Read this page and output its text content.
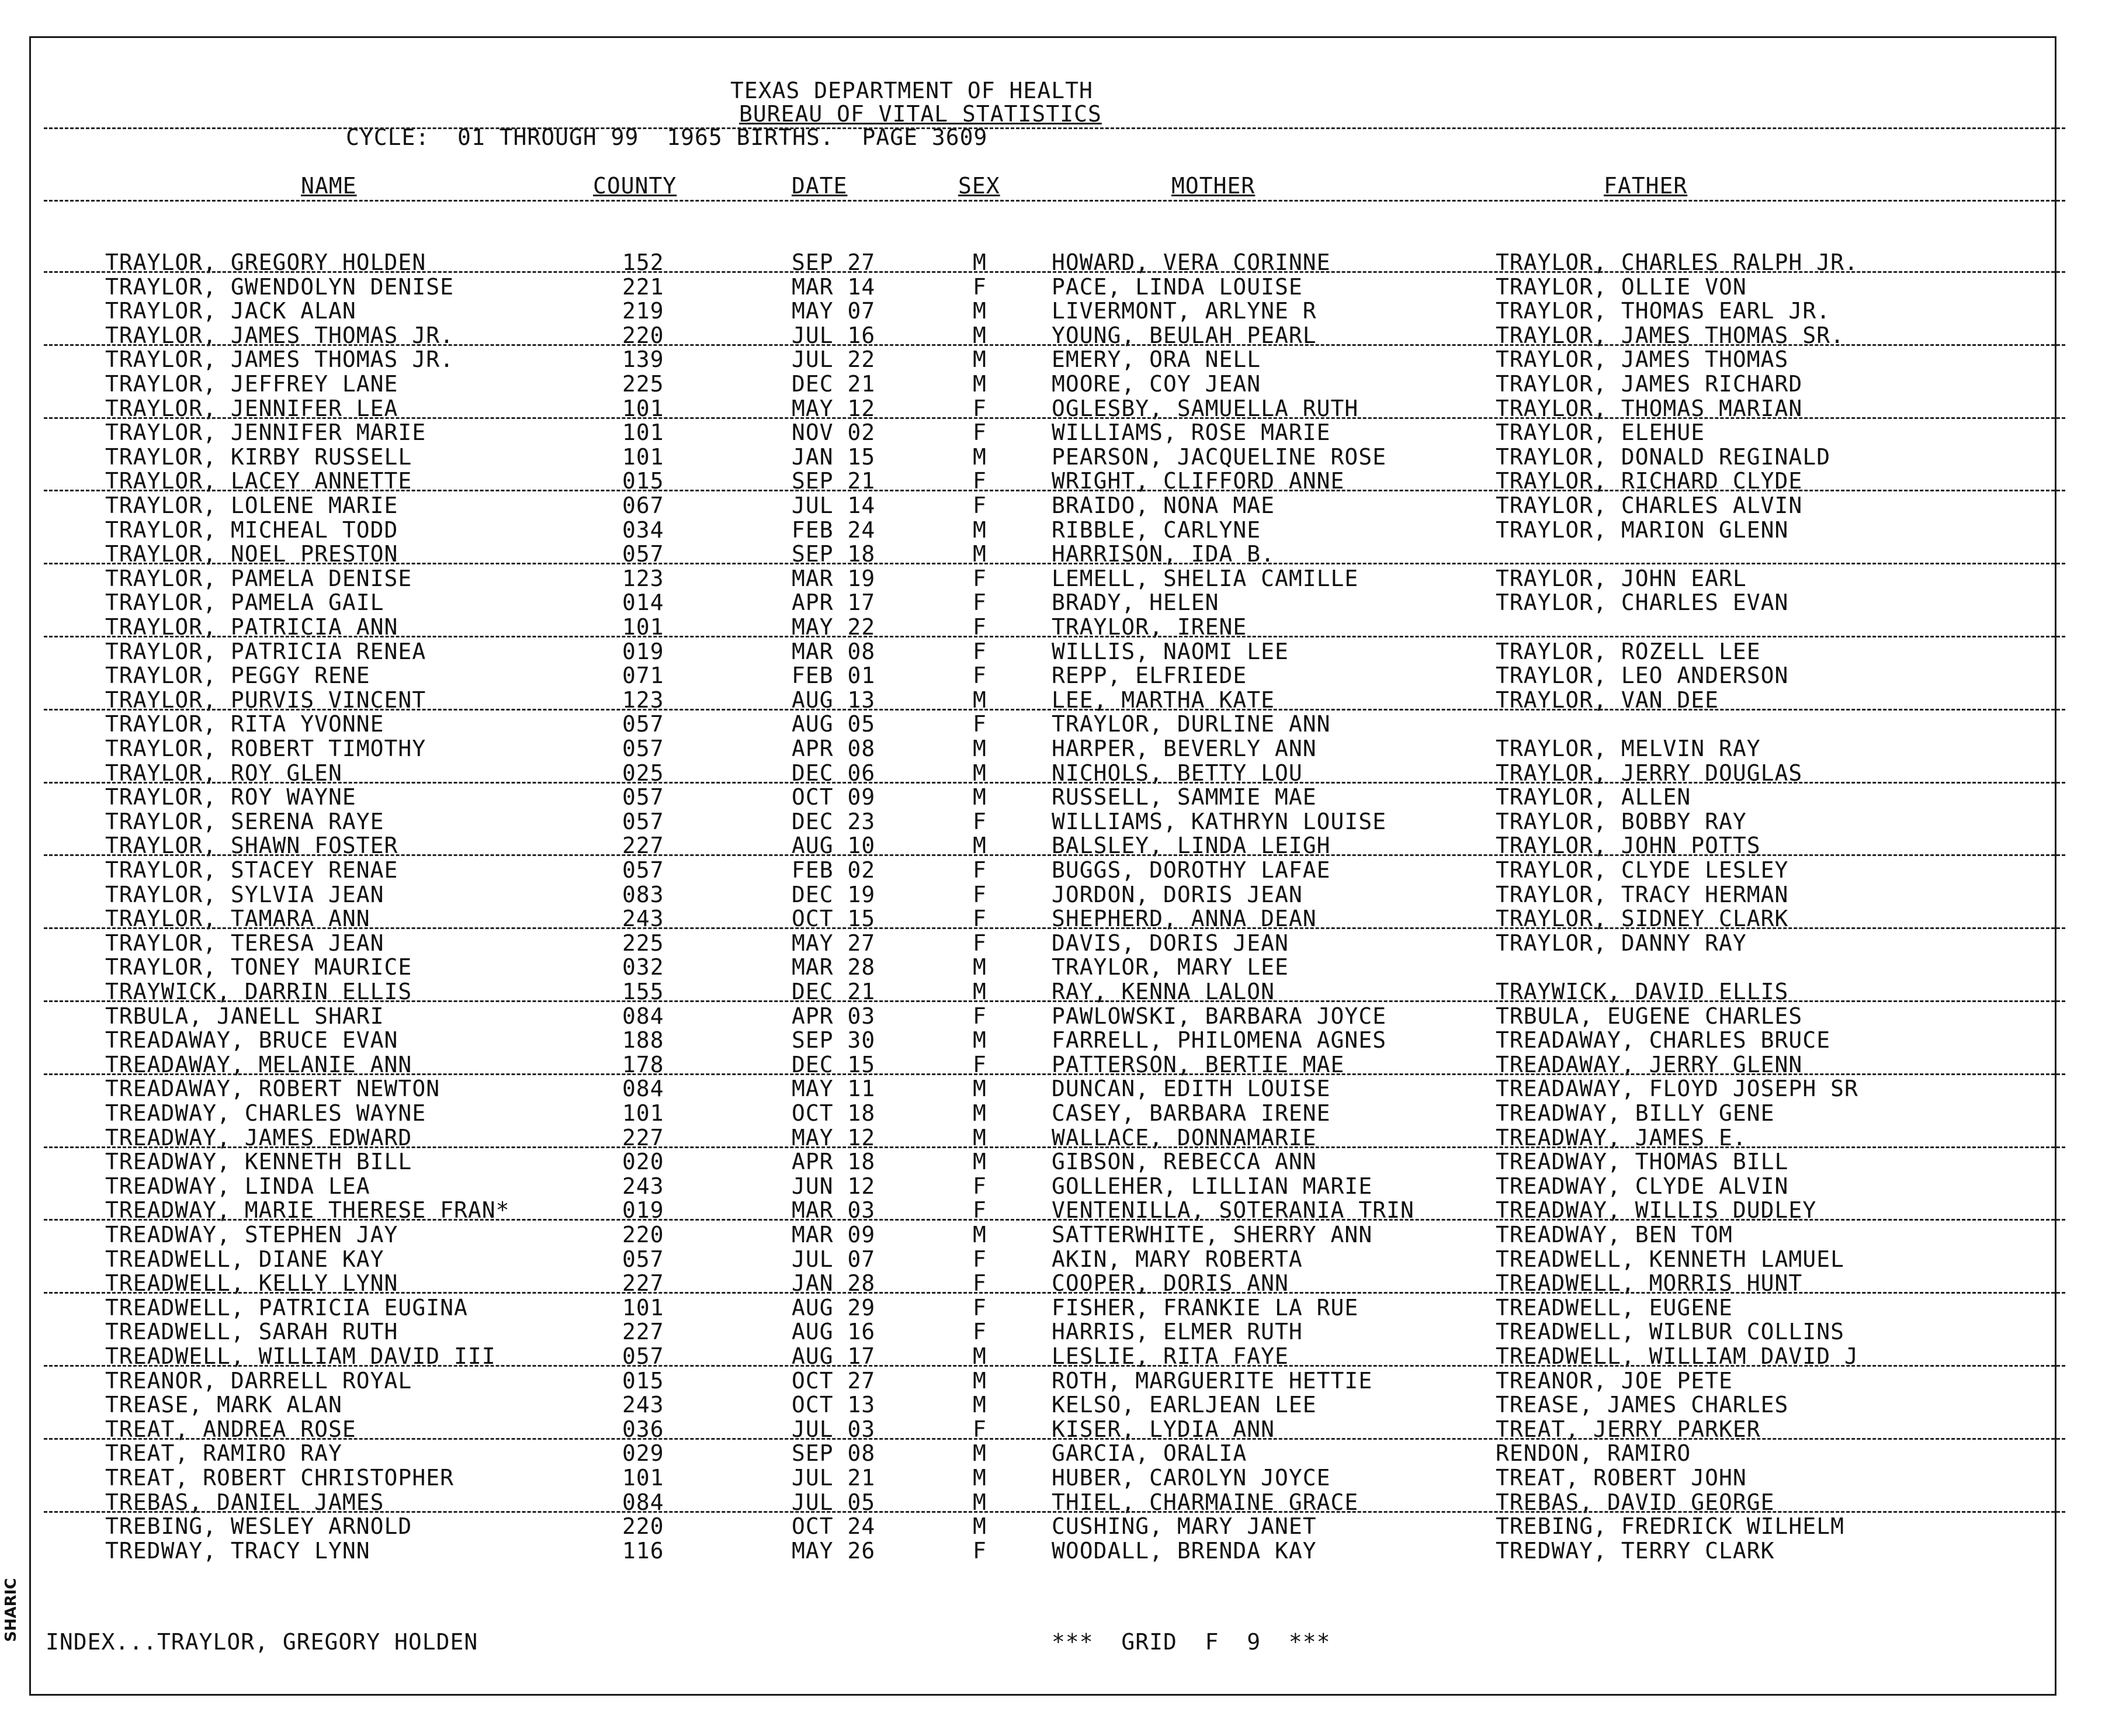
SHARIC
TEXAS DEPARTMENT OF HEALTH
BUREAU OF VITAL STATISTICS
CYCLE:  01 THROUGH 99  1965 BIRTHS.  PAGE 3609
NAME	COUNTY	DATE	SEX	MOTHER	FATHER
TRAYLOR, GREGORY HOLDEN	152	SEP 27	M	HOWARD, VERA CORINNE	TRAYLOR, CHARLES RALPH JR.
TRAYLOR, GWENDOLYN DENISE	221	MAR 14	F	PACE, LINDA LOUISE	TRAYLOR, OLLIE VON
TRAYLOR, JACK ALAN	219	MAY 07	M	LIVERMONT, ARLYNE R	TRAYLOR, THOMAS EARL JR.
TRAYLOR, JAMES THOMAS JR.	220	JUL 16	M	YOUNG, BEULAH PEARL	TRAYLOR, JAMES THOMAS SR.
TRAYLOR, JAMES THOMAS JR.	139	JUL 22	M	EMERY, ORA NELL	TRAYLOR, JAMES THOMAS
TRAYLOR, JEFFREY LANE	225	DEC 21	M	MOORE, COY JEAN	TRAYLOR, JAMES RICHARD
TRAYLOR, JENNIFER LEA	101	MAY 12	F	OGLESBY, SAMUELLA RUTH	TRAYLOR, THOMAS MARIAN
TRAYLOR, JENNIFER MARIE	101	NOV 02	F	WILLIAMS, ROSE MARIE	TRAYLOR, ELEHUE
TRAYLOR, KIRBY RUSSELL	101	JAN 15	M	PEARSON, JACQUELINE ROSE	TRAYLOR, DONALD REGINALD
TRAYLOR, LACEY ANNETTE	015	SEP 21	F	WRIGHT, CLIFFORD ANNE	TRAYLOR, RICHARD CLYDE
TRAYLOR, LOLENE MARIE	067	JUL 14	F	BRAIDO, NONA MAE	TRAYLOR, CHARLES ALVIN
TRAYLOR, MICHEAL TODD	034	FEB 24	M	RIBBLE, CARLYNE	TRAYLOR, MARION GLENN
TRAYLOR, NOEL PRESTON	057	SEP 18	M	HARRISON, IDA B.
TRAYLOR, PAMELA DENISE	123	MAR 19	F	LEMELL, SHELIA CAMILLE	TRAYLOR, JOHN EARL
TRAYLOR, PAMELA GAIL	014	APR 17	F	BRADY, HELEN	TRAYLOR, CHARLES EVAN
TRAYLOR, PATRICIA ANN	101	MAY 22	F	TRAYLOR, IRENE
TRAYLOR, PATRICIA RENEA	019	MAR 08	F	WILLIS, NAOMI LEE	TRAYLOR, ROZELL LEE
TRAYLOR, PEGGY RENE	071	FEB 01	F	REPP, ELFRIEDE	TRAYLOR, LEO ANDERSON
TRAYLOR, PURVIS VINCENT	123	AUG 13	M	LEE, MARTHA KATE	TRAYLOR, VAN DEE
TRAYLOR, RITA YVONNE	057	AUG 05	F	TRAYLOR, DURLINE ANN
TRAYLOR, ROBERT TIMOTHY	057	APR 08	M	HARPER, BEVERLY ANN	TRAYLOR, MELVIN RAY
TRAYLOR, ROY GLEN	025	DEC 06	M	NICHOLS, BETTY LOU	TRAYLOR, JERRY DOUGLAS
TRAYLOR, ROY WAYNE	057	OCT 09	M	RUSSELL, SAMMIE MAE	TRAYLOR, ALLEN
TRAYLOR, SERENA RAYE	057	DEC 23	F	WILLIAMS, KATHRYN LOUISE	TRAYLOR, BOBBY RAY
TRAYLOR, SHAWN FOSTER	227	AUG 10	M	BALSLEY, LINDA LEIGH	TRAYLOR, JOHN POTTS
TRAYLOR, STACEY RENAE	057	FEB 02	F	BUGGS, DOROTHY LAFAE	TRAYLOR, CLYDE LESLEY
TRAYLOR, SYLVIA JEAN	083	DEC 19	F	JORDON, DORIS JEAN	TRAYLOR, TRACY HERMAN
TRAYLOR, TAMARA ANN	243	OCT 15	F	SHEPHERD, ANNA DEAN	TRAYLOR, SIDNEY CLARK
TRAYLOR, TERESA JEAN	225	MAY 27	F	DAVIS, DORIS JEAN	TRAYLOR, DANNY RAY
TRAYLOR, TONEY MAURICE	032	MAR 28	M	TRAYLOR, MARY LEE
TRAYWICK, DARRIN ELLIS	155	DEC 21	M	RAY, KENNA LALON	TRAYWICK, DAVID ELLIS
TRBULA, JANELL SHARI	084	APR 03	F	PAWLOWSKI, BARBARA JOYCE	TRBULA, EUGENE CHARLES
TREADAWAY, BRUCE EVAN	188	SEP 30	M	FARRELL, PHILOMENA AGNES	TREADAWAY, CHARLES BRUCE
TREADAWAY, MELANIE ANN	178	DEC 15	F	PATTERSON, BERTIE MAE	TREADAWAY, JERRY GLENN
TREADAWAY, ROBERT NEWTON	084	MAY 11	M	DUNCAN, EDITH LOUISE	TREADAWAY, FLOYD JOSEPH SR
TREADWAY, CHARLES WAYNE	101	OCT 18	M	CASEY, BARBARA IRENE	TREADWAY, BILLY GENE
TREADWAY, JAMES EDWARD	227	MAY 12	M	WALLACE, DONNAMARIE	TREADWAY, JAMES E.
TREADWAY, KENNETH BILL	020	APR 18	M	GIBSON, REBECCA ANN	TREADWAY, THOMAS BILL
TREADWAY, LINDA LEA	243	JUN 12	F	GOLLEHER, LILLIAN MARIE	TREADWAY, CLYDE ALVIN
TREADWAY, MARIE THERESE FRAN*	019	MAR 03	F	VENTENILLA, SOTERANIA TRIN	TREADWAY, WILLIS DUDLEY
TREADWAY, STEPHEN JAY	220	MAR 09	M	SATTERWHITE, SHERRY ANN	TREADWAY, BEN TOM
TREADWELL, DIANE KAY	057	JUL 07	F	AKIN, MARY ROBERTA	TREADWELL, KENNETH LAMUEL
TREADWELL, KELLY LYNN	227	JAN 28	F	COOPER, DORIS ANN	TREADWELL, MORRIS HUNT
TREADWELL, PATRICIA EUGINA	101	AUG 29	F	FISHER, FRANKIE LA RUE	TREADWELL, EUGENE
TREADWELL, SARAH RUTH	227	AUG 16	F	HARRIS, ELMER RUTH	TREADWELL, WILBUR COLLINS
TREADWELL, WILLIAM DAVID III	057	AUG 17	M	LESLIE, RITA FAYE	TREADWELL, WILLIAM DAVID J
TREANOR, DARRELL ROYAL	015	OCT 27	M	ROTH, MARGUERITE HETTIE	TREANOR, JOE PETE
TREASE, MARK ALAN	243	OCT 13	M	KELSO, EARLJEAN LEE	TREASE, JAMES CHARLES
TREAT, ANDREA ROSE	036	JUL 03	F	KISER, LYDIA ANN	TREAT, JERRY PARKER
TREAT, RAMIRO RAY	029	SEP 08	M	GARCIA, ORALIA	RENDON, RAMIRO
TREAT, ROBERT CHRISTOPHER	101	JUL 21	M	HUBER, CAROLYN JOYCE	TREAT, ROBERT JOHN
TREBAS, DANIEL JAMES	084	JUL 05	M	THIEL, CHARMAINE GRACE	TREBAS, DAVID GEORGE
TREBING, WESLEY ARNOLD	220	OCT 24	M	CUSHING, MARY JANET	TREBING, FREDRICK WILHELM
TREDWAY, TRACY LYNN	116	MAY 26	F	WOODALL, BRENDA KAY	TREDWAY, TERRY CLARK
INDEX...TRAYLOR, GREGORY HOLDEN	***  GRID  F  9  ***
